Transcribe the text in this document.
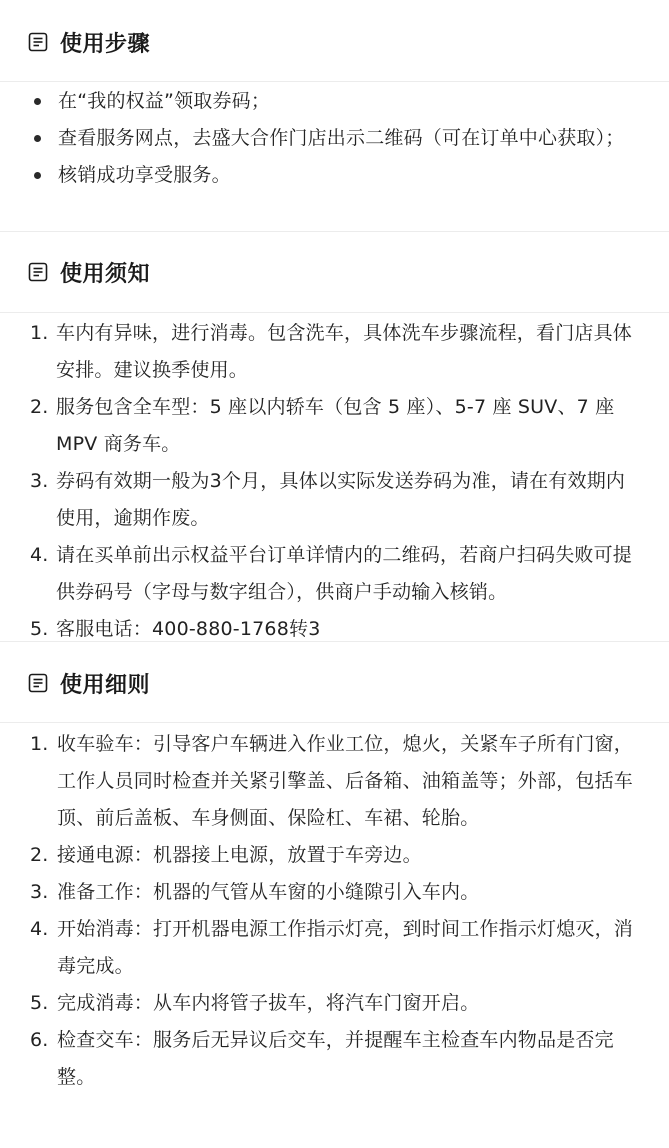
使用步骤
在“我的权益”领取券码；
查看服务网点，去盛大合作门店出示二维码（可在订单中心获取）；
核销成功享受服务。
使用须知
1. 车内有异味，进行消毒。包含洗车，具体洗车步骤流程，看门店具体安排。建议换季使用。
2. 服务包含全车型：5 座以内轿车（包含 5 座）、5-7 座 SUV、7 座 MPV 商务车。
3. 券码有效期一般为3个月，具体以实际发送券码为准，请在有效期内使用，逾期作废。
4. 请在买单前出示权益平台订单详情内的二维码，若商户扫码失败可提供券码号（字母与数字组合），供商户手动输入核销。
5. 客服电话：400-880-1768转3
使用细则
1. 收车验车：引导客户车辆进入作业工位，熄火，关紧车子所有门窗，工作人员同时检查并关紧引擎盖、后备箱、油箱盖等；外部，包括车顶、前后盖板、车身侧面、保险杠、车裙、轮胎。
2. 接通电源：机器接上电源，放置于车旁边。
3. 准备工作：机器的气管从车窗的小缝隙引入车内。
4. 开始消毒：打开机器电源工作指示灯亮，到时间工作指示灯熄灭，消毒完成。
5. 完成消毒：从车内将管子拔车，将汽车门窗开启。
6. 检查交车：服务后无异议后交车，并提醒车主检查车内物品是否完整。
